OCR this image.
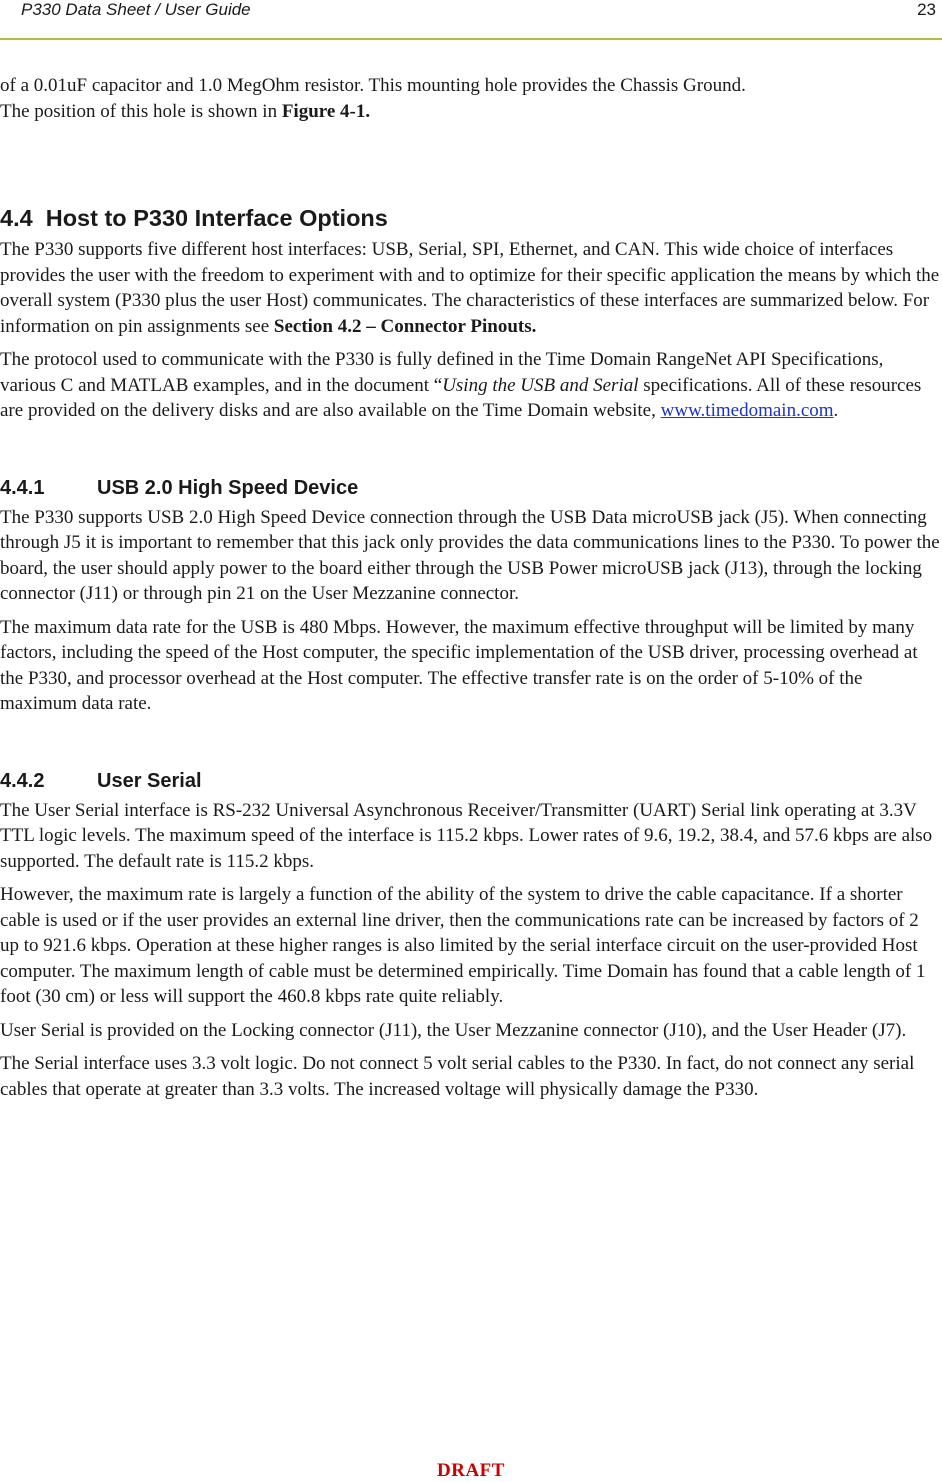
P330 Data Sheet / User Guide	23

of a 0.01uF capacitor and 1.0 MegOhm resistor. This mounting hole provides the Chassis Ground.
The position of this hole is shown in Figure 4-1.

4.4 Host to P330 Interface Options

The P330 supports five different host interfaces: USB, Serial, SPI, Ethernet, and CAN. This wide choice of interfaces provides the user with the freedom to experiment with and to optimize for their specific application the means by which the overall system (P330 plus the user Host) communicates. The characteristics of these interfaces are summarized below. For information on pin assignments see Section 4.2 – Connector Pinouts.

The protocol used to communicate with the P330 is fully defined in the Time Domain RangeNet API Specifications, various C and MATLAB examples, and in the document “Using the USB and Serial specifications. All of these resources are provided on the delivery disks and are also available on the Time Domain website, www.timedomain.com.

4.4.1	USB 2.0 High Speed Device

The P330 supports USB 2.0 High Speed Device connection through the USB Data microUSB jack (J5). When connecting through J5 it is important to remember that this jack only provides the data communications lines to the P330. To power the board, the user should apply power to the board either through the USB Power microUSB jack (J13), through the locking connector (J11) or through pin 21 on the User Mezzanine connector.

The maximum data rate for the USB is 480 Mbps. However, the maximum effective throughput will be limited by many factors, including the speed of the Host computer, the specific implementation of the USB driver, processing overhead at the P330, and processor overhead at the Host computer. The effective transfer rate is on the order of 5-10% of the maximum data rate.

4.4.2	User Serial

The User Serial interface is RS-232 Universal Asynchronous Receiver/Transmitter (UART) Serial link operating at 3.3V TTL logic levels. The maximum speed of the interface is 115.2 kbps. Lower rates of 9.6, 19.2, 38.4, and 57.6 kbps are also supported. The default rate is 115.2 kbps.

However, the maximum rate is largely a function of the ability of the system to drive the cable capacitance. If a shorter cable is used or if the user provides an external line driver, then the communications rate can be increased by factors of 2 up to 921.6 kbps. Operation at these higher ranges is also limited by the serial interface circuit on the user-provided Host computer. The maximum length of cable must be determined empirically. Time Domain has found that a cable length of 1 foot (30 cm) or less will support the 460.8 kbps rate quite reliably.

User Serial is provided on the Locking connector (J11), the User Mezzanine connector (J10), and the User Header (J7).

The Serial interface uses 3.3 volt logic. Do not connect 5 volt serial cables to the P330. In fact, do not connect any serial cables that operate at greater than 3.3 volts. The increased voltage will physically damage the P330.

DRAFT
